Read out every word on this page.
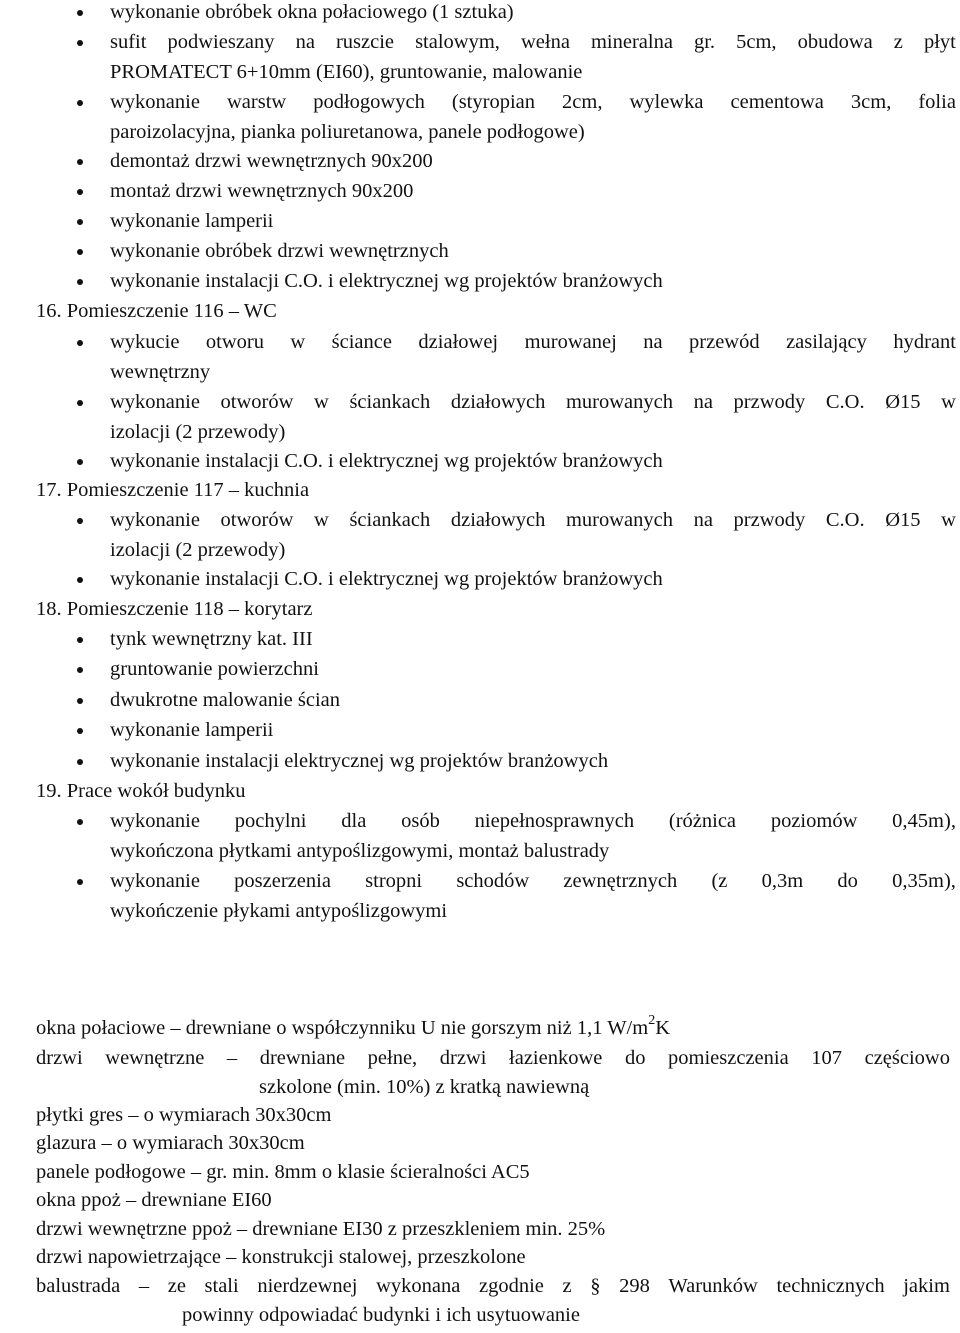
wykonanie obróbek okna połaciowego (1 sztuka)
sufit podwieszany na ruszcie stalowym, wełna mineralna gr. 5cm, obudowa z płyt
PROMATECT 6+10mm (EI60), gruntowanie, malowanie
wykonanie warstw podłogowych (styropian 2cm, wylewka cementowa 3cm, folia
paroizolacyjna, pianka poliuretanowa, panele podłogowe)
demontaż drzwi wewnętrznych 90x200
montaż drzwi wewnętrznych 90x200
wykonanie lamperii
wykonanie obróbek drzwi wewnętrznych
wykonanie instalacji C.O. i elektrycznej wg projektów branżowych
16. Pomieszczenie 116 – WC
wykucie otworu w ściance działowej murowanej na przewód zasilający hydrant
wewnętrzny
wykonanie otworów w ściankach działowych murowanych na przwody C.O. Ø15 w
izolacji (2 przewody)
wykonanie instalacji C.O. i elektrycznej wg projektów branżowych
17. Pomieszczenie 117 – kuchnia
wykonanie otworów w ściankach działowych murowanych na przwody C.O. Ø15 w
izolacji (2 przewody)
wykonanie instalacji C.O. i elektrycznej wg projektów branżowych
18. Pomieszczenie 118 – korytarz
tynk wewnętrzny kat. III
gruntowanie powierzchni
dwukrotne malowanie ścian
wykonanie lamperii
wykonanie instalacji elektrycznej wg projektów branżowych
19. Prace wokół budynku
wykonanie pochylni dla osób niepełnosprawnych (różnica poziomów 0,45m),
wykończona płytkami antypoślizgowymi, montaż balustrady
wykonanie poszerzenia stropni schodów zewnętrznych (z 0,3m do 0,35m),
wykończenie płykami antypoślizgowymi
okna połaciowe – drewniane o współczynniku U nie gorszym niż 1,1 $W/m^2K$
drzwi wewnętrzne – drewniane pełne, drzwi łazienkowe do pomieszczenia 107 częściowo
szkolone (min. 10%) z kratką nawiewną
płytki gres – o wymiarach 30x30cm
glazura – o wymiarach 30x30cm
panele podłogowe – gr. min. 8mm o klasie ścieralności AC5
okna ppoż – drewniane EI60
drzwi wewnętrzne ppoż – drewniane EI30 z przeszkleniem min. 25%
drzwi napowietrzające – konstrukcji stalowej, przeszkolone
balustrada – ze stali nierdzewnej wykonana zgodnie z § 298 Warunków technicznych jakim
powinny odpowiadać budynki i ich usytuowanie
